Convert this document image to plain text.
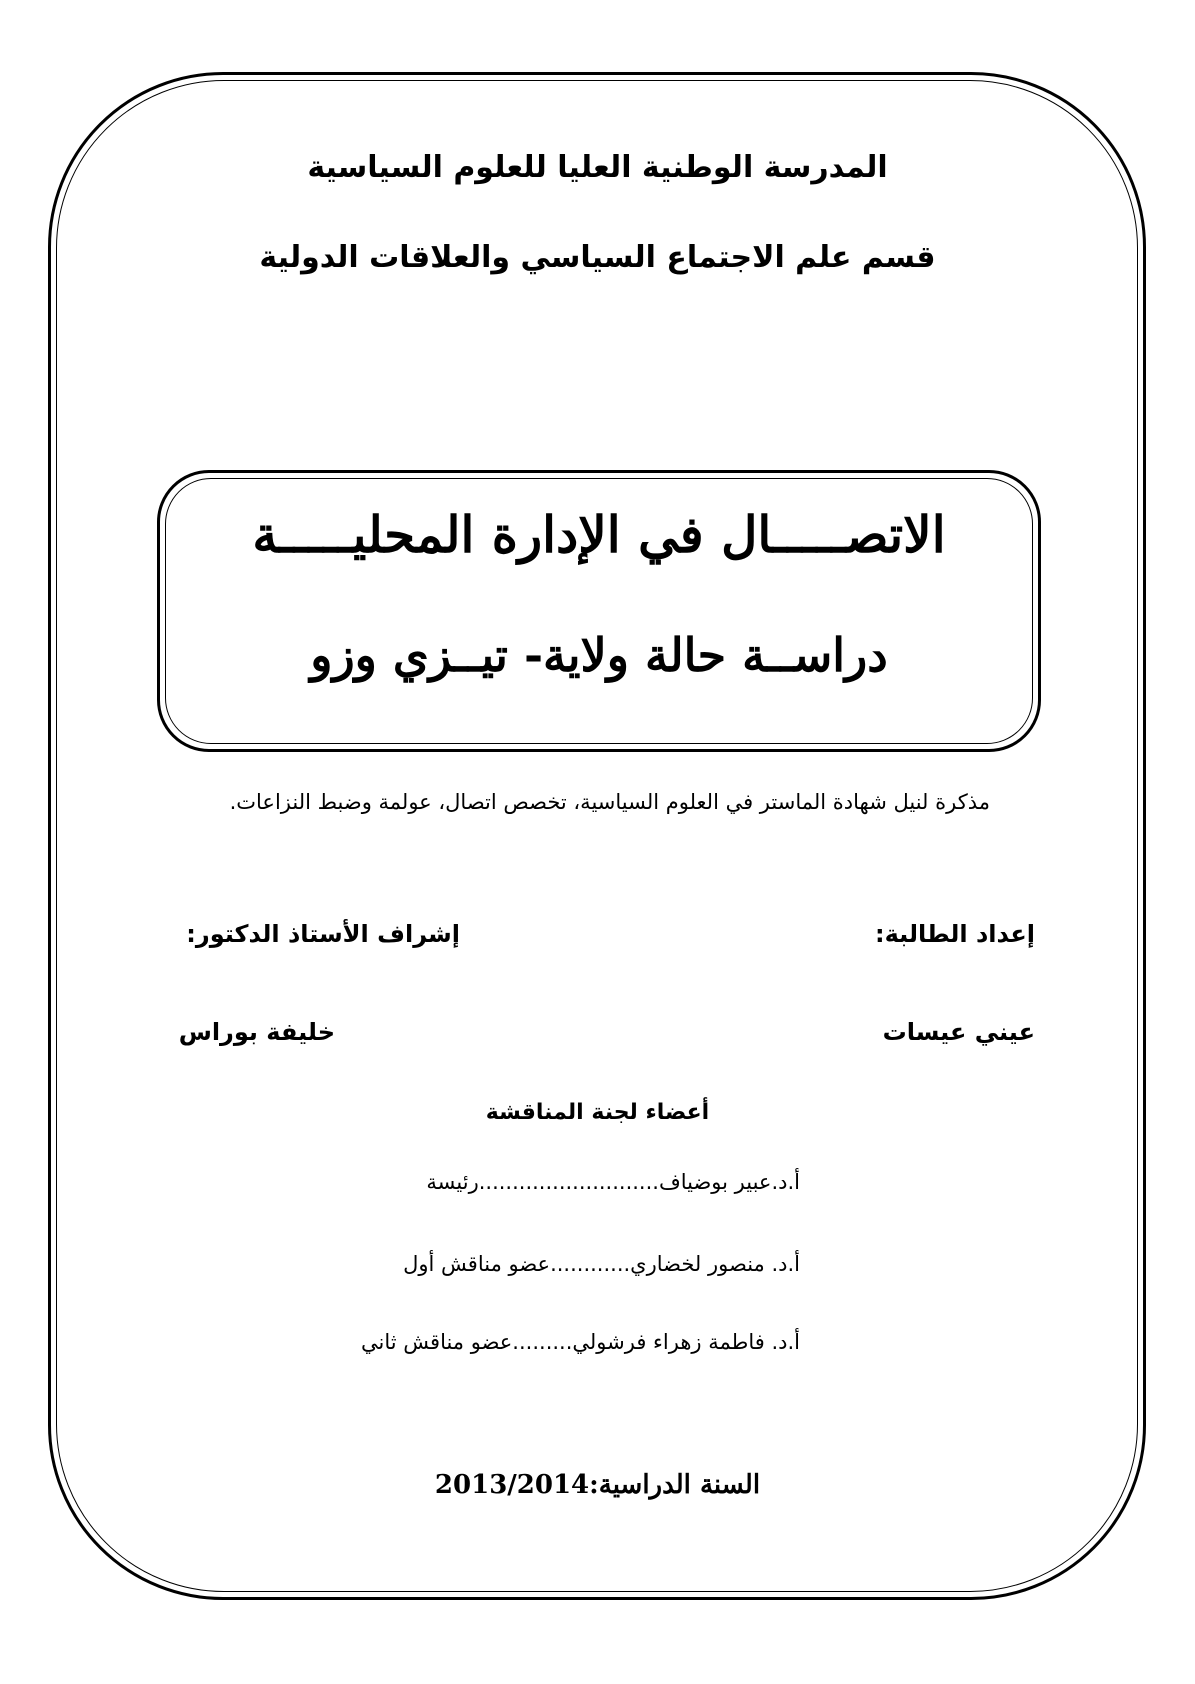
المدرسة الوطنية العليا للعلوم السياسية
قسم علم الاجتماع السياسي والعلاقات الدولية
الاتصـــــال في الإدارة المحليـــــة
دراســة حالة ولاية- تيــزي وزو
مذكرة لنيل شهادة الماستر في العلوم السياسية، تخصص اتصال، عولمة وضبط النزاعات.
إعداد الطالبة:
إشراف الأستاذ الدكتور:
عيني عيسات
خليفة بوراس
أعضاء لجنة المناقشة
أ.د.عبير بوضياف...........................رئيسة
أ.د. منصور لخضاري............عضو مناقش أول
أ.د. فاطمة زهراء فرشولي.........عضو مناقش ثاني
السنة الدراسية:2013/2014
